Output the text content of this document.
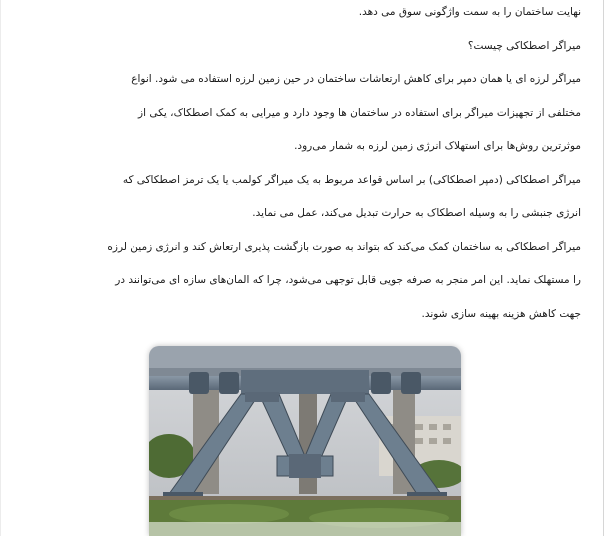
نهایت ساختمان را به سمت واژگونی سوق می دهد.
میراگر اصطکاکی چیست؟
میراگر لرزه ای یا همان دمپر برای کاهش ارتعاشات ساختمان در حین زمین لرزه استفاده می شود. انواع
مختلفی از تجهیزات میراگر برای استفاده در ساختمان ها وجود دارد و میرایی به کمک اصطکاک، یکی از
موثرترین روش‌ها برای استهلاک انرژی زمین لرزه به شمار می‌رود.
میراگر اصطکاکی (دمپر اصطکاکی) بر اساس قواعد مربوط به یک میراگر کولمب یا یک ترمز اصطکاکی که
انرژی جنبشی را به وسیله اصطکاک به حرارت تبدیل می‌کند، عمل می نماید.
میراگر اصطکاکی به ساختمان کمک می‌کند که بتواند به صورت بازگشت پذیری ارتعاش کند و انرژی زمین لرزه
را مستهلک نماید. این امر منجر به صرفه جویی قابل توجهی می‌شود، چرا که المان‌های سازه ای می‌توانند در
جهت کاهش هزینه بهینه سازی شوند.
